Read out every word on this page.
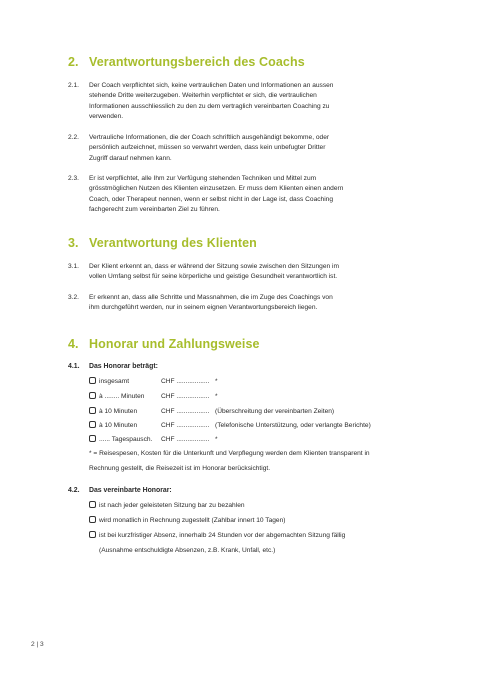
2. Verantwortungsbereich des Coachs
2.1.	Der Coach verpflichtet sich, keine vertraulichen Daten und Informationen an aussen
stehende Dritte weiterzugeben. Weiterhin verpflichtet er sich, die vertraulichen
Informationen ausschliesslich zu den zu dem vertraglich vereinbarten Coaching zu
verwenden.
2.2.	Vertrauliche Informationen, die der Coach schriftlich ausgehändigt bekomme, oder
persönlich aufzeichnet, müssen so verwahrt werden, dass kein unbefugter Dritter
Zugriff darauf nehmen kann.
2.3.	Er ist verpflichtet, alle Ihm zur Verfügung stehenden Techniken und Mittel zum
grösstmöglichen Nutzen des Klienten einzusetzen. Er muss dem Klienten einen andern
Coach, oder Therapeut nennen, wenn er selbst nicht in der Lage ist, dass Coaching
fachgerecht zum vereinbarten Ziel zu führen.
3. Verantwortung des Klienten
3.1.	Der Klient erkennt an, dass er während der Sitzung sowie zwischen den Sitzungen im
vollen Umfang selbst für seine körperliche und geistige Gesundheit verantwortlich ist.
3.2.	Er erkennt an, dass alle Schritte und Massnahmen, die im Zuge des Coachings von
ihm durchgeführt werden, nur in seinem eignen Verantwortungsbereich liegen.
4. Honorar und Zahlungsweise
4.1. Das Honorar beträgt:
insgesamt	CHF .................. *
à ........ Minuten	CHF .................. *
à 10 Minuten	CHF .................. (Überschreitung der vereinbarten Zeiten)
à 10 Minuten	CHF .................. (Telefonische Unterstützung, oder verlangte Berichte)
...... Tagespausch. CHF .................. *
* = Reisespesen, Kosten für die Unterkunft und Verpflegung werden dem Klienten transparent in
Rechnung gestellt, die Reisezeit ist im Honorar berücksichtigt.
4.2. Das vereinbarte Honorar:
ist nach jeder geleisteten Sitzung bar zu bezahlen
wird monatlich in Rechnung zugestellt (Zahlbar innert 10 Tagen)
ist bei kurzfristiger Absenz, innerhalb 24 Stunden vor der abgemachten Sitzung fällig
(Ausnahme entschuldigte Absenzen, z.B. Krank, Unfall, etc.)
2 | 3
